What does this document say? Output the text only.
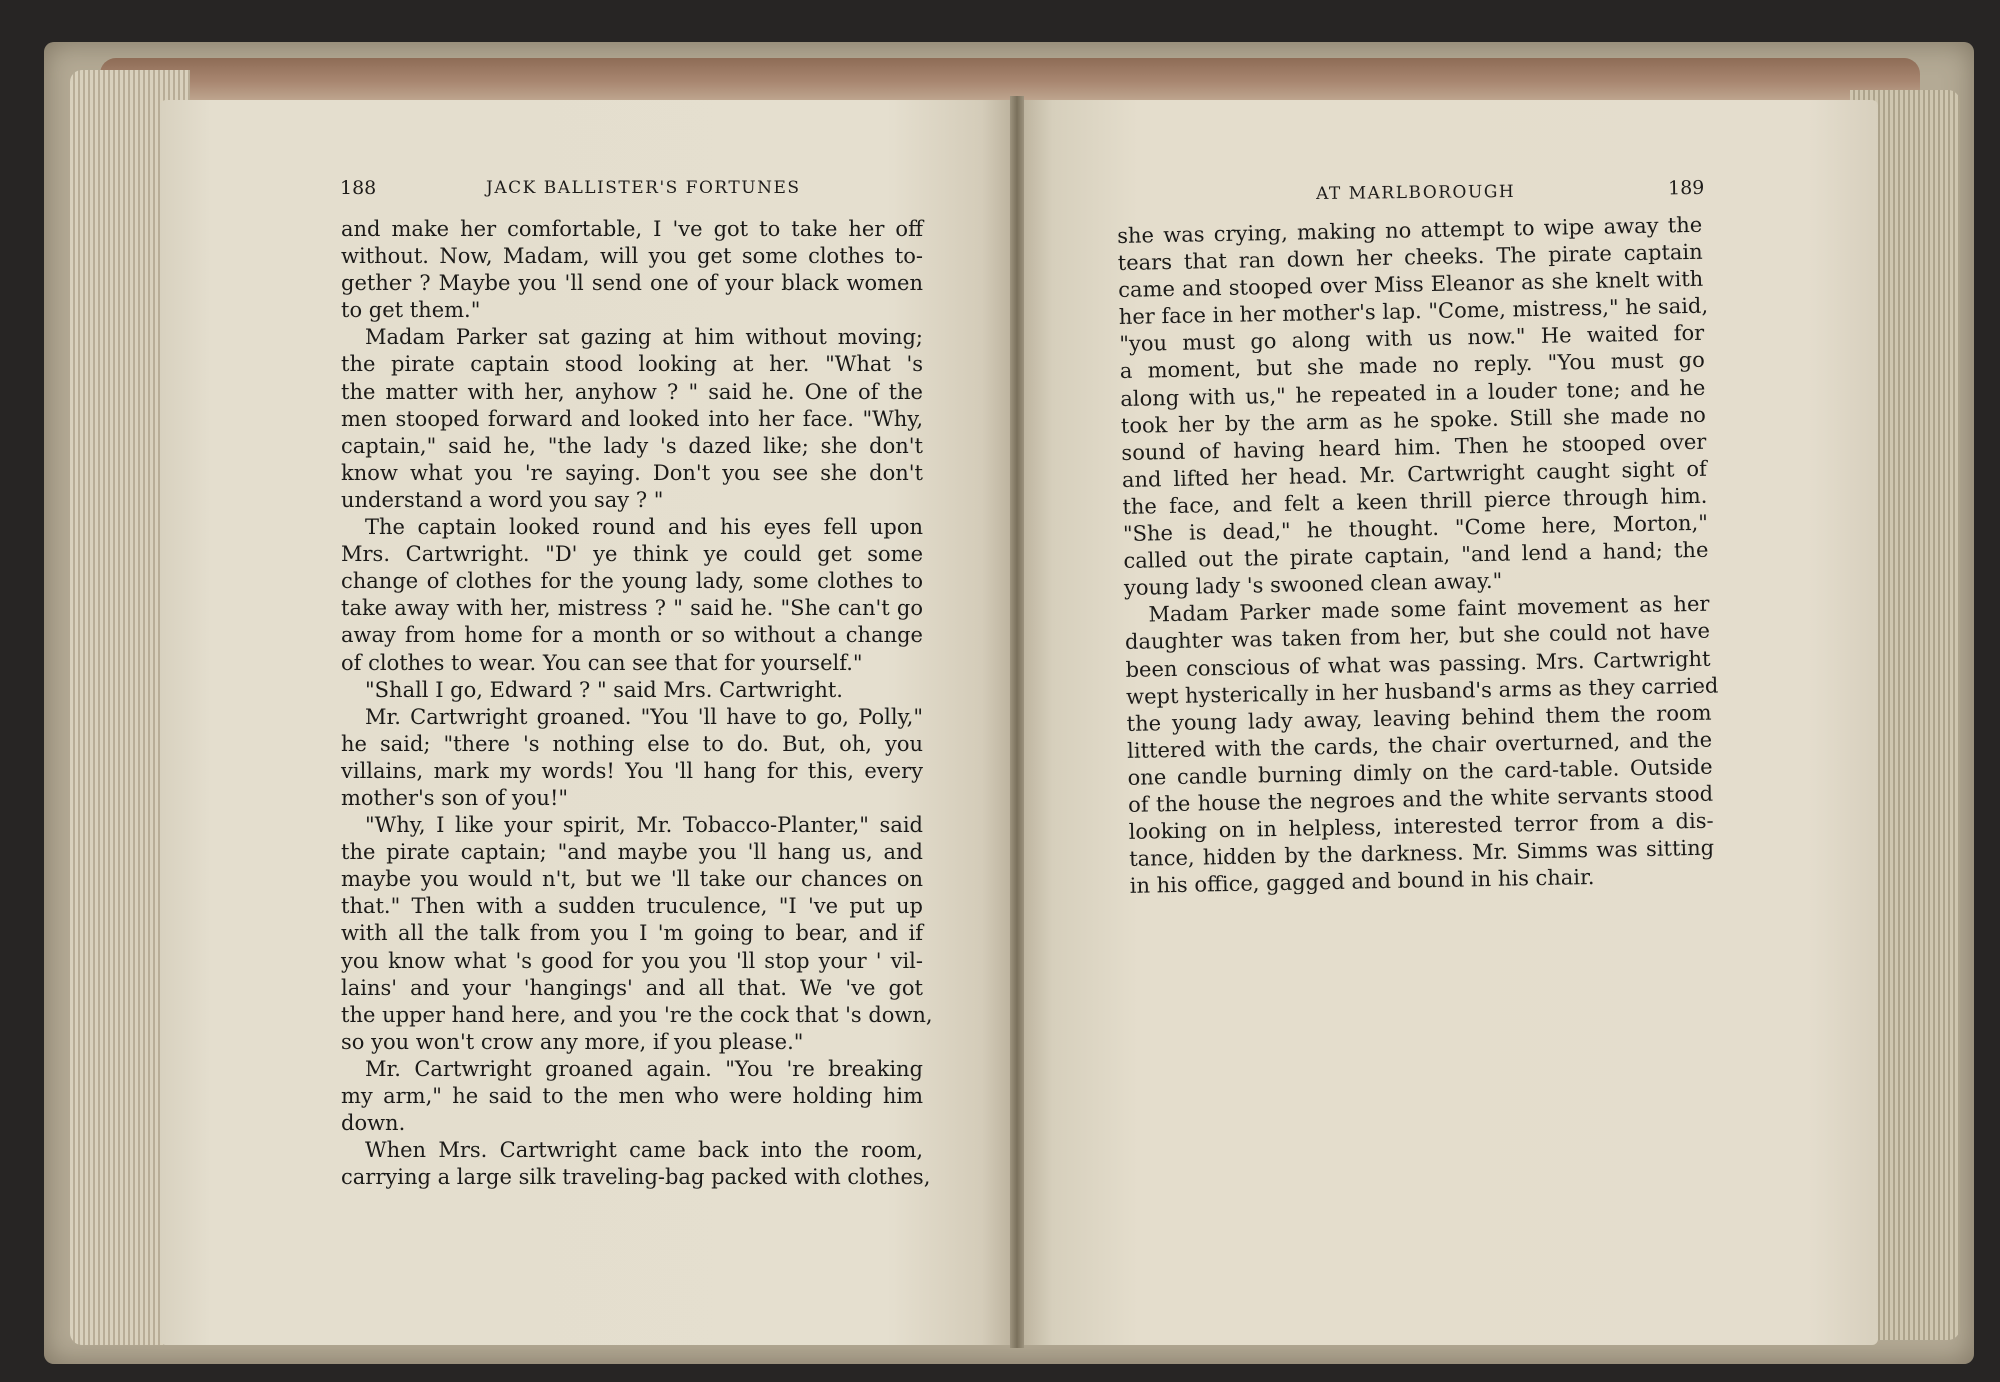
188	JACK BALLISTER'S FORTUNES	AT MARLBOROUGH	189
and make her comfortable, I 've got to take her off
without. Now, Madam, will you get some clothes to-
gether ? Maybe you 'll send one of your black women
to get them."
Madam Parker sat gazing at him without moving;
the pirate captain stood looking at her. "What 's
the matter with her, anyhow ? " said he. One of the
men stooped forward and looked into her face. "Why,
captain," said he, "the lady 's dazed like; she don't
know what you 're saying. Don't you see she don't
understand a word you say ? "
The captain looked round and his eyes fell upon
Mrs. Cartwright. "D' ye think ye could get some
change of clothes for the young lady, some clothes to
take away with her, mistress ? " said he. "She can't go
away from home for a month or so without a change
of clothes to wear. You can see that for yourself."
"Shall I go, Edward ? " said Mrs. Cartwright.
Mr. Cartwright groaned. "You 'll have to go, Polly,"
he said; "there 's nothing else to do. But, oh, you
villains, mark my words! You 'll hang for this, every
mother's son of you!"
"Why, I like your spirit, Mr. Tobacco-Planter," said
the pirate captain; "and maybe you 'll hang us, and
maybe you would n't, but we 'll take our chances on
that." Then with a sudden truculence, "I 've put up
with all the talk from you I 'm going to bear, and if
you know what 's good for you you 'll stop your ' vil-
lains' and your 'hangings' and all that. We 've got
the upper hand here, and you 're the cock that 's down,
so you won't crow any more, if you please."
Mr. Cartwright groaned again. "You 're breaking
my arm," he said to the men who were holding him
down.
When Mrs. Cartwright came back into the room,
carrying a large silk traveling-bag packed with clothes,
she was crying, making no attempt to wipe away the
tears that ran down her cheeks. The pirate captain
came and stooped over Miss Eleanor as she knelt with
her face in her mother's lap. "Come, mistress," he said,
"you must go along with us now." He waited for
a moment, but she made no reply. "You must go
along with us," he repeated in a louder tone; and he
took her by the arm as he spoke. Still she made no
sound of having heard him. Then he stooped over
and lifted her head. Mr. Cartwright caught sight of
the face, and felt a keen thrill pierce through him.
"She is dead," he thought. "Come here, Morton,"
called out the pirate captain, "and lend a hand; the
young lady 's swooned clean away."
Madam Parker made some faint movement as her
daughter was taken from her, but she could not have
been conscious of what was passing. Mrs. Cartwright
wept hysterically in her husband's arms as they carried
the young lady away, leaving behind them the room
littered with the cards, the chair overturned, and the
one candle burning dimly on the card-table. Outside
of the house the negroes and the white servants stood
looking on in helpless, interested terror from a dis-
tance, hidden by the darkness. Mr. Simms was sitting
in his office, gagged and bound in his chair.
